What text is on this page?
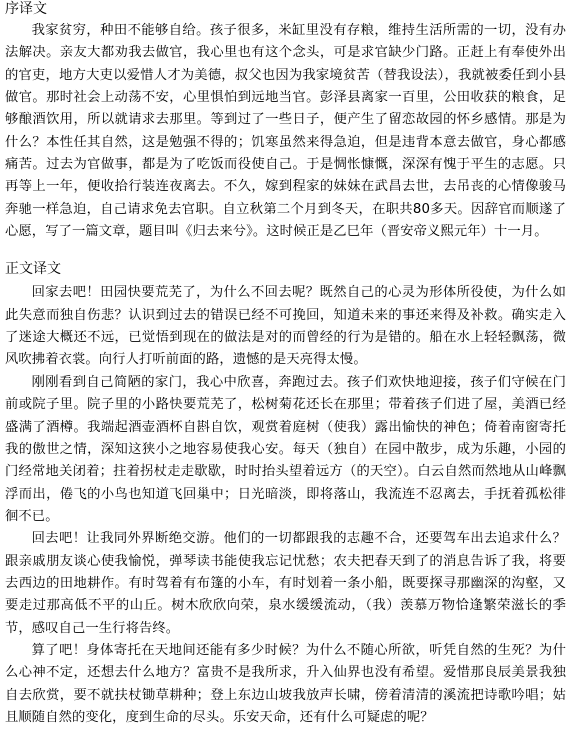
序译文

我家贫穷，种田不能够自给。孩子很多，米缸里没有存粮，维持生活所需的一切，没有办法解决。亲友大都劝我去做官，我心里也有这个念头，可是求官缺少门路。正赶上有奉使外出的官吏，地方大吏以爱惜人才为美德，叔父也因为我家境贫苦（替我设法），我就被委任到小县做官。那时社会上动荡不安，心里惧怕到远地当官。彭泽县离家一百里，公田收获的粮食，足够酿酒饮用，所以就请求去那里。等到过了一些日子，便产生了留恋故园的怀乡感情。那是为什么？本性任其自然，这是勉强不得的；饥寒虽然来得急迫，但是违背本意去做官，身心都感痛苦。过去为官做事，都是为了吃饭而役使自己。于是惆怅慷慨，深深有愧于平生的志愿。只再等上一年，便收拾行装连夜离去。不久，嫁到程家的妹妹在武昌去世，去吊丧的心情像骏马奔驰一样急迫，自己请求免去官职。自立秋第二个月到冬天，在职共80多天。因辞官而顺遂了心愿，写了一篇文章，题目叫《归去来兮》。这时候正是乙巳年（晋安帝义熙元年）十一月。

正文译文

回家去吧！田园快要荒芜了，为什么不回去呢？既然自己的心灵为形体所役使，为什么如此失意而独自伤悲？认识到过去的错误已经不可挽回，知道未来的事还来得及补救。确实走入了迷途大概还不远，已觉悟到现在的做法是对的而曾经的行为是错的。船在水上轻轻飘荡，微风吹拂着衣裳。向行人打听前面的路，遗憾的是天亮得太慢。

刚刚看到自己简陋的家门，我心中欣喜，奔跑过去。孩子们欢快地迎接，孩子们守候在门前或院子里。院子里的小路快要荒芜了，松树菊花还长在那里；带着孩子们进了屋，美酒已经盛满了酒樽。我端起酒壶酒杯自斟自饮，观赏着庭树（使我）露出愉快的神色；倚着南窗寄托我的傲世之情，深知这狭小之地容易使我心安。每天（独自）在园中散步，成为乐趣，小园的门经常地关闭着；拄着拐杖走走歇歇，时时抬头望着远方（的天空）。白云自然而然地从山峰飘浮而出，倦飞的小鸟也知道飞回巢中；日光暗淡，即将落山，我流连不忍离去，手抚着孤松徘徊不已。

回去吧！让我同外界断绝交游。他们的一切都跟我的志趣不合，还要驾车出去追求什么？跟亲戚朋友谈心使我愉悦，弹琴读书能使我忘记忧愁；农夫把春天到了的消息告诉了我，将要去西边的田地耕作。有时驾着有布篷的小车，有时划着一条小船，既要探寻那幽深的沟壑，又要走过那高低不平的山丘。树木欣欣向荣，泉水缓缓流动，（我）羡慕万物恰逢繁荣滋长的季节，感叹自己一生行将告终。

算了吧！身体寄托在天地间还能有多少时候？为什么不随心所欲，听凭自然的生死？为什么心神不定，还想去什么地方？富贵不是我所求，升入仙界也没有希望。爱惜那良辰美景我独自去欣赏，要不就扶杖锄草耕种；登上东边山坡我放声长啸，傍着清清的溪流把诗歌吟唱；姑且顺随自然的变化，度到生命的尽头。乐安天命，还有什么可疑虑的呢？
